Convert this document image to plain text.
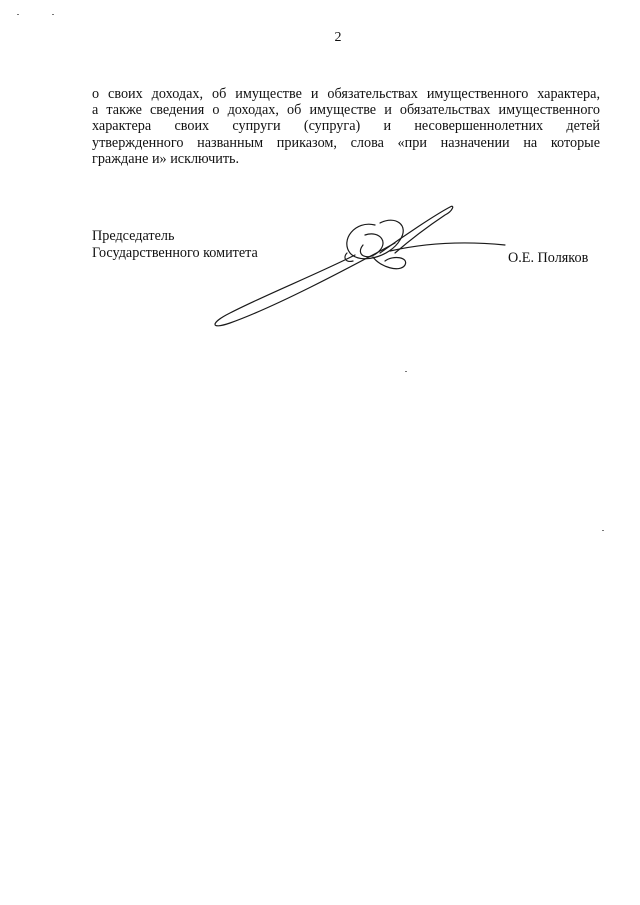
2
о своих доходах, об имуществе и обязательствах имущественного характера,
а также сведения о доходах, об имуществе и обязательствах имущественного
характера своих супруги (супруга) и несовершеннолетних детей
утвержденного названным приказом, слова «при назначении на которые
граждане и» исключить.
Председатель
Государственного комитета	О.Е. Поляков
